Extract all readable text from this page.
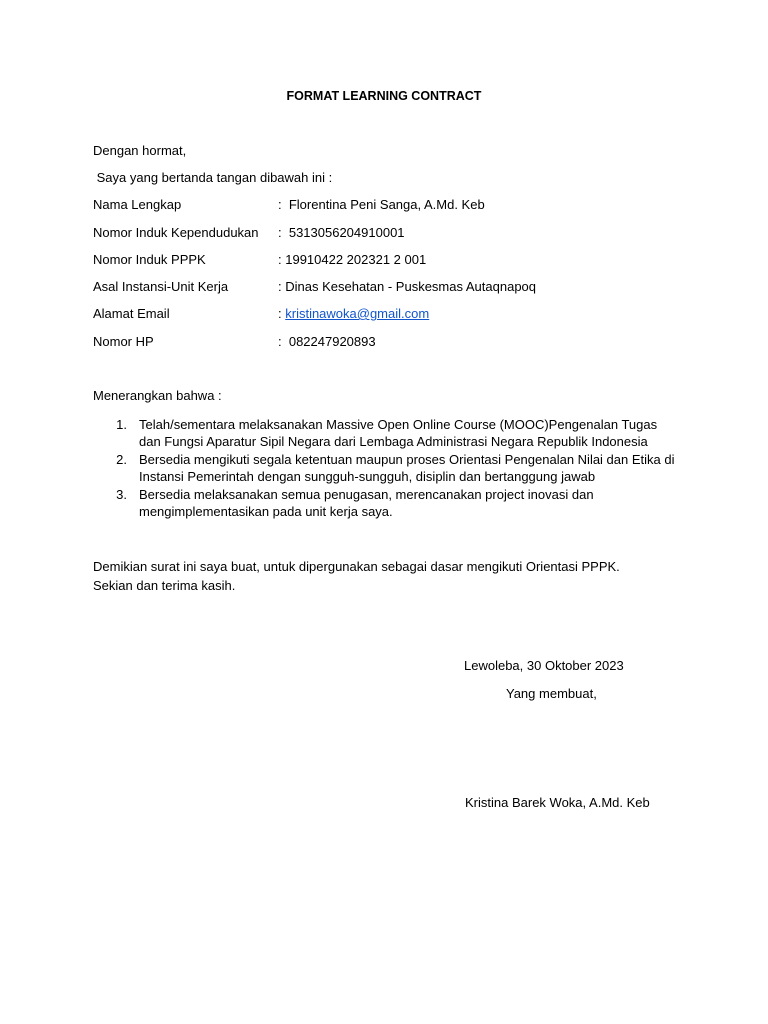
FORMAT LEARNING CONTRACT
Dengan hormat,
Saya yang bertanda tangan dibawah ini :
Nama Lengkap	:  Florentina Peni Sanga, A.Md. Keb
Nomor Induk Kependudukan :  5313056204910001
Nomor Induk PPPK	: 19910422 202321 2 001
Asal Instansi-Unit Kerja	: Dinas Kesehatan - Puskesmas Autaqnapoq
Alamat Email	: kristinawoka@gmail.com
Nomor HP	:  082247920893
Menerangkan bahwa :
1. Telah/sementara melaksanakan Massive Open Online Course (MOOC)Pengenalan Tugas dan Fungsi Aparatur Sipil Negara dari Lembaga Administrasi Negara Republik Indonesia
2. Bersedia mengikuti segala ketentuan maupun proses Orientasi Pengenalan Nilai dan Etika di Instansi Pemerintah dengan sungguh-sungguh, disiplin dan bertanggung jawab
3. Bersedia melaksanakan semua penugasan, merencanakan project inovasi dan mengimplementasikan pada unit kerja saya.
Demikian surat ini saya buat, untuk dipergunakan sebagai dasar mengikuti Orientasi PPPK. Sekian dan terima kasih.
Lewoleba, 30 Oktober 2023
Yang membuat,
Kristina Barek Woka, A.Md. Keb
